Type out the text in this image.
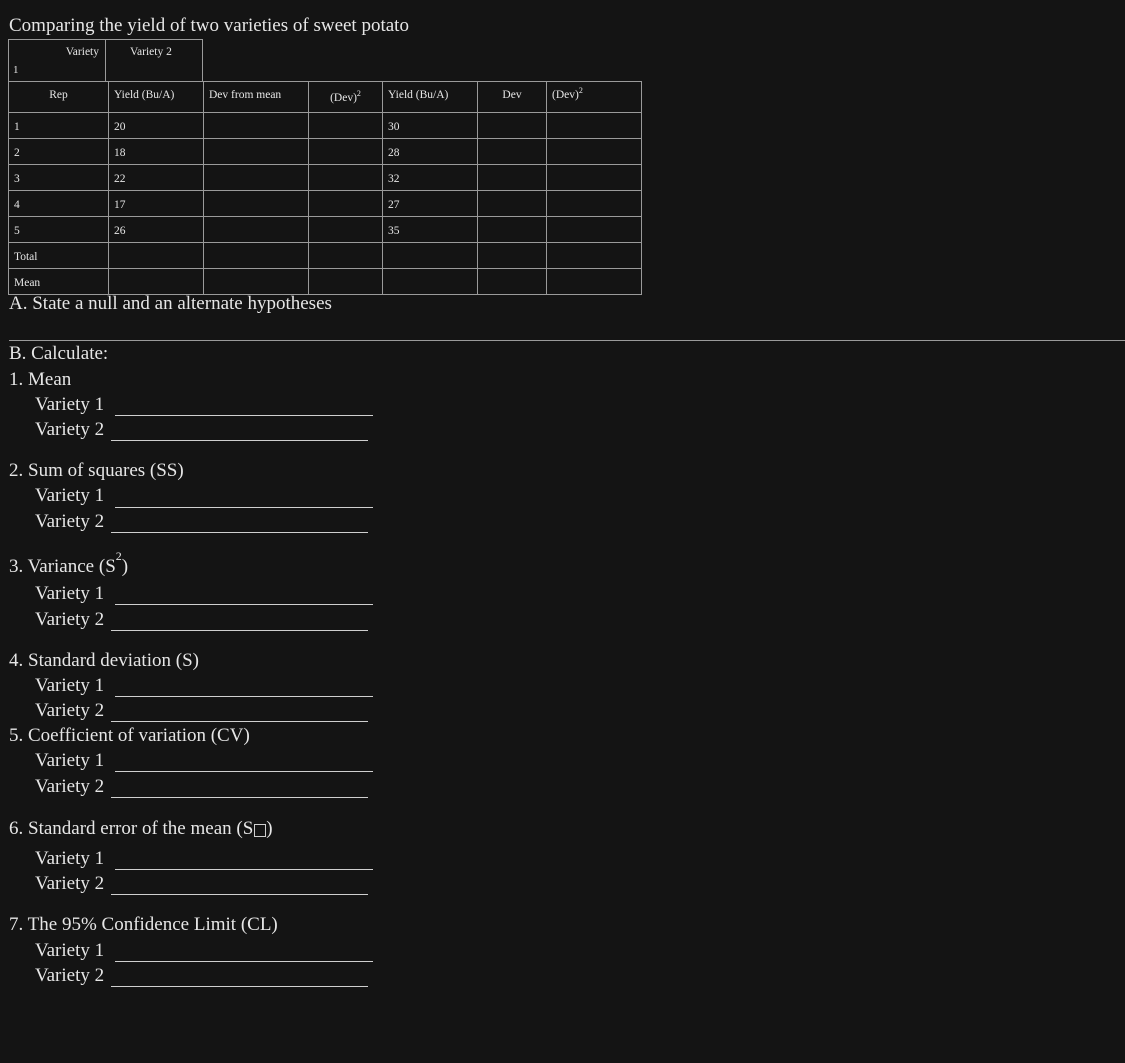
Comparing the yield of two varieties of sweet potato
Variety
1
	Variety 2
Rep	Yield (Bu/A)	Dev from mean	(Dev)$^2$	Yield (Bu/A)	Dev	(Dev)$^2$
1	20			30		
2	18			28		
3	22			32		
4	17			27		
5	26			35		
Total						
Mean						
A. State a null and an alternate hypotheses
B. Calculate:
1. Mean
Variety 1
Variety 2
2. Sum of squares (SS)
Variety 1
Variety 2
3. Variance $(S^2)$
Variety 1
Variety 2
4. Standard deviation (S)
Variety 1
Variety 2
5. Coefficient of variation (CV)
Variety 1
Variety 2
6. Standard error of the mean (S )
Variety 1
Variety 2
7. The 95% Confidence Limit (CL)
Variety 1
Variety 2
